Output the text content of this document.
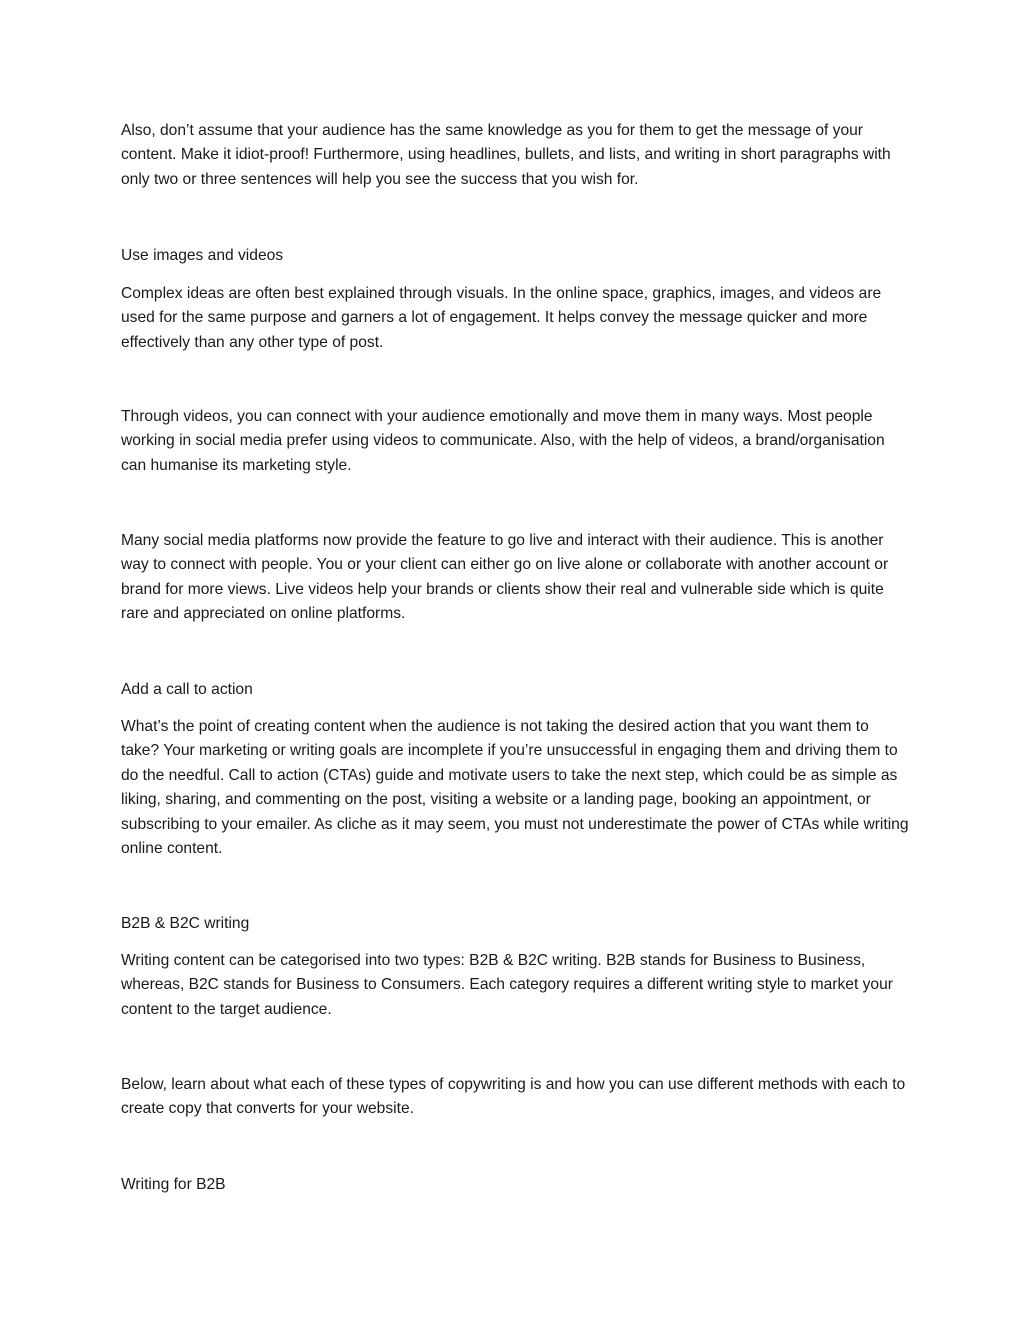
Also, don’t assume that your audience has the same knowledge as you for them to get the message of your content. Make it idiot-proof! Furthermore, using headlines, bullets, and lists, and writing in short paragraphs with only two or three sentences will help you see the success that you wish for.

Use images and videos

Complex ideas are often best explained through visuals. In the online space, graphics, images, and videos are used for the same purpose and garners a lot of engagement. It helps convey the message quicker and more effectively than any other type of post.

Through videos, you can connect with your audience emotionally and move them in many ways. Most people working in social media prefer using videos to communicate. Also, with the help of videos, a brand/organisation can humanise its marketing style.

Many social media platforms now provide the feature to go live and interact with their audience. This is another way to connect with people. You or your client can either go on live alone or collaborate with another account or brand for more views. Live videos help your brands or clients show their real and vulnerable side which is quite rare and appreciated on online platforms.

Add a call to action

What’s the point of creating content when the audience is not taking the desired action that you want them to take? Your marketing or writing goals are incomplete if you’re unsuccessful in engaging them and driving them to do the needful. Call to action (CTAs) guide and motivate users to take the next step, which could be as simple as liking, sharing, and commenting on the post, visiting a website or a landing page, booking an appointment, or subscribing to your emailer. As cliche as it may seem, you must not underestimate the power of CTAs while writing online content.

B2B & B2C writing

Writing content can be categorised into two types: B2B & B2C writing. B2B stands for Business to Business, whereas, B2C stands for Business to Consumers. Each category requires a different writing style to market your content to the target audience.

Below, learn about what each of these types of copywriting is and how you can use different methods with each to create copy that converts for your website.

Writing for B2B
